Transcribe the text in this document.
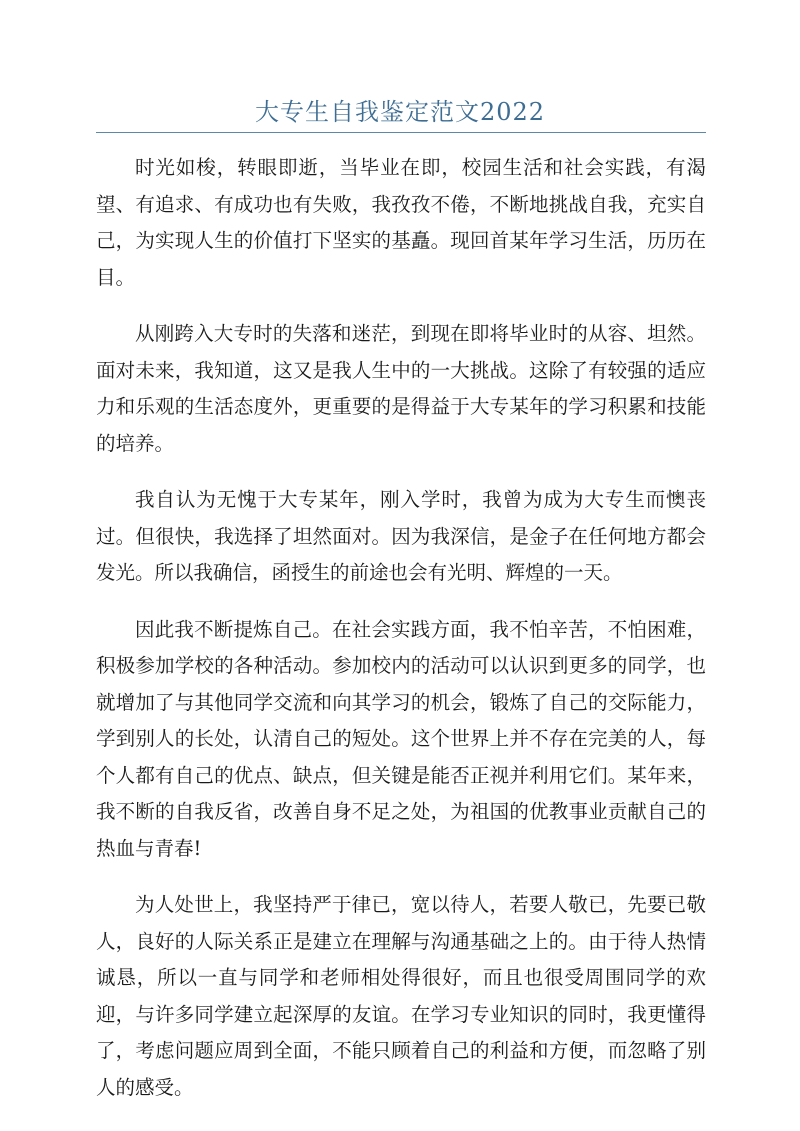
大专生自我鉴定范文2022

时光如梭，转眼即逝，当毕业在即，校园生活和社会实践，有渴望、有追求、有成功也有失败，我孜孜不倦，不断地挑战自我，充实自己，为实现人生的价值打下坚实的基矗。现回首某年学习生活，历历在目。

从刚跨入大专时的失落和迷茫，到现在即将毕业时的从容、坦然。面对未来，我知道，这又是我人生中的一大挑战。这除了有较强的适应力和乐观的生活态度外，更重要的是得益于大专某年的学习积累和技能的培养。

我自认为无愧于大专某年，刚入学时，我曾为成为大专生而懊丧过。但很快，我选择了坦然面对。因为我深信，是金子在任何地方都会发光。所以我确信，函授生的前途也会有光明、辉煌的一天。

因此我不断提炼自己。在社会实践方面，我不怕辛苦，不怕困难，积极参加学校的各种活动。参加校内的活动可以认识到更多的同学，也就增加了与其他同学交流和向其学习的机会，锻炼了自己的交际能力，学到别人的长处，认清自己的短处。这个世界上并不存在完美的人，每个人都有自己的优点、缺点，但关键是能否正视并利用它们。某年来，我不断的自我反省，改善自身不足之处，为祖国的优教事业贡献自己的热血与青春!

为人处世上，我坚持严于律已，宽以待人，若要人敬已，先要已敬人，良好的人际关系正是建立在理解与沟通基础之上的。由于待人热情诚恳，所以一直与同学和老师相处得很好，而且也很受周围同学的欢迎，与许多同学建立起深厚的友谊。在学习专业知识的同时，我更懂得了，考虑问题应周到全面，不能只顾着自己的利益和方便，而忽略了别人的感受。
